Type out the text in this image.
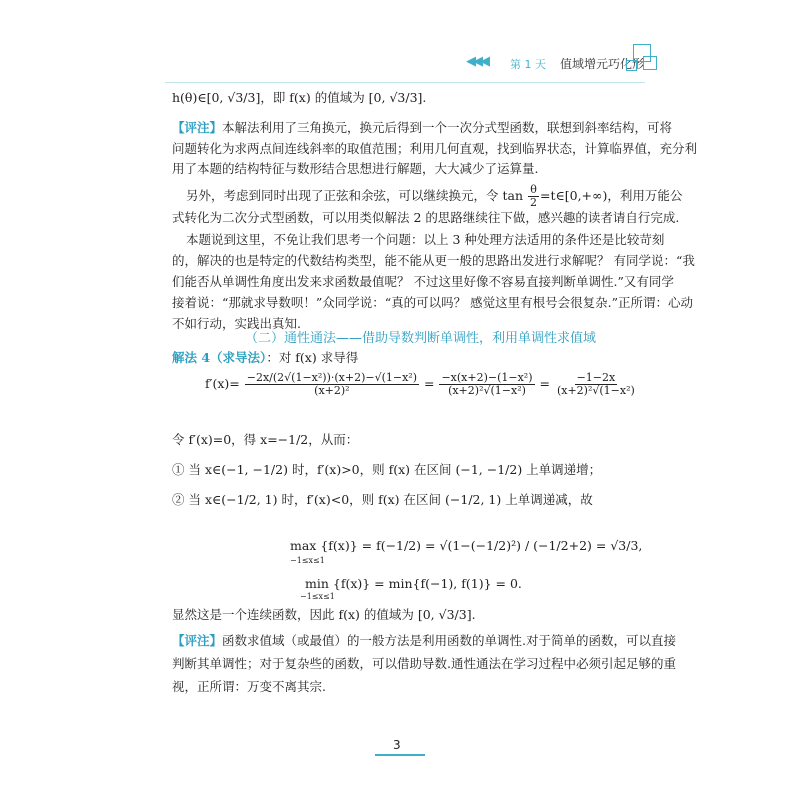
◀◀◀ 第 1 天 值域增元巧化形
h(θ)∈[0, √3/3]，即 f(x) 的值域为 [0, √3/3].
【评注】本解法利用了三角换元，换元后得到一个一次分式型函数，联想到斜率结构，可将
问题转化为求两点间连线斜率的取值范围；利用几何直观，找到临界状态，计算临界值，充分利
用了本题的结构特征与数形结合思想进行解题，大大减少了运算量.
另外，考虑到同时出现了正弦和余弦，可以继续换元，令 $\tan \frac{\theta}{2}$ =t∈[0,+∞)，利用万能公
式转化为二次分式型函数，可以用类似解法 2 的思路继续往下做，感兴趣的读者请自行完成.
本题说到这里，不免让我们思考一个问题：以上 3 种处理方法适用的条件还是比较苛刻
的，解决的也是特定的代数结构类型，能不能从更一般的思路出发进行求解呢？ 有同学说：“我
们能否从单调性角度出发来求函数最值呢？ 不过这里好像不容易直接判断单调性.”又有同学
接着说：“那就求导数呗！”众同学说：“真的可以吗？ 感觉这里有根号会很复杂.”正所谓：心动
不如行动，实践出真知.
（二）通性通法——借助导数判断单调性，利用单调性求值域
解法 4（求导法）：对 f(x) 求导得
$f'(x)= \frac{\text{−2x/(2√(1−x²))·(x+2)−√(1−x²)}}{\text{(x+2)²}} = \frac{\text{−x(x+2)−(1−x²)}}{\text{(x+2)²√(1−x²)}} = \frac{-1-2x}{\text{(x+2)²√(1−x²)}}$
令 f′(x)=0，得 x=−1/2，从而：
① 当 x∈(−1, −1/2) 时，f′(x)>0，则 f(x) 在区间 (−1, −1/2) 上单调递增；
② 当 x∈(−1/2, 1) 时，f′(x)<0，则 f(x) 在区间 (−1/2, 1) 上单调递减，故
max {f(x)} = f(−1/2) = √(1−(−1/2)²) / (−1/2+2) = √3/3,
−1≤x≤1
min {f(x)} = min{f(−1), f(1)} = 0.
−1≤x≤1
显然这是一个连续函数，因此 f(x) 的值域为 [0, √3/3].
【评注】函数求值域（或最值）的一般方法是利用函数的单调性.对于简单的函数，可以直接
判断其单调性；对于复杂些的函数，可以借助导数.通性通法在学习过程中必须引起足够的重
视，正所谓：万变不离其宗.
3
